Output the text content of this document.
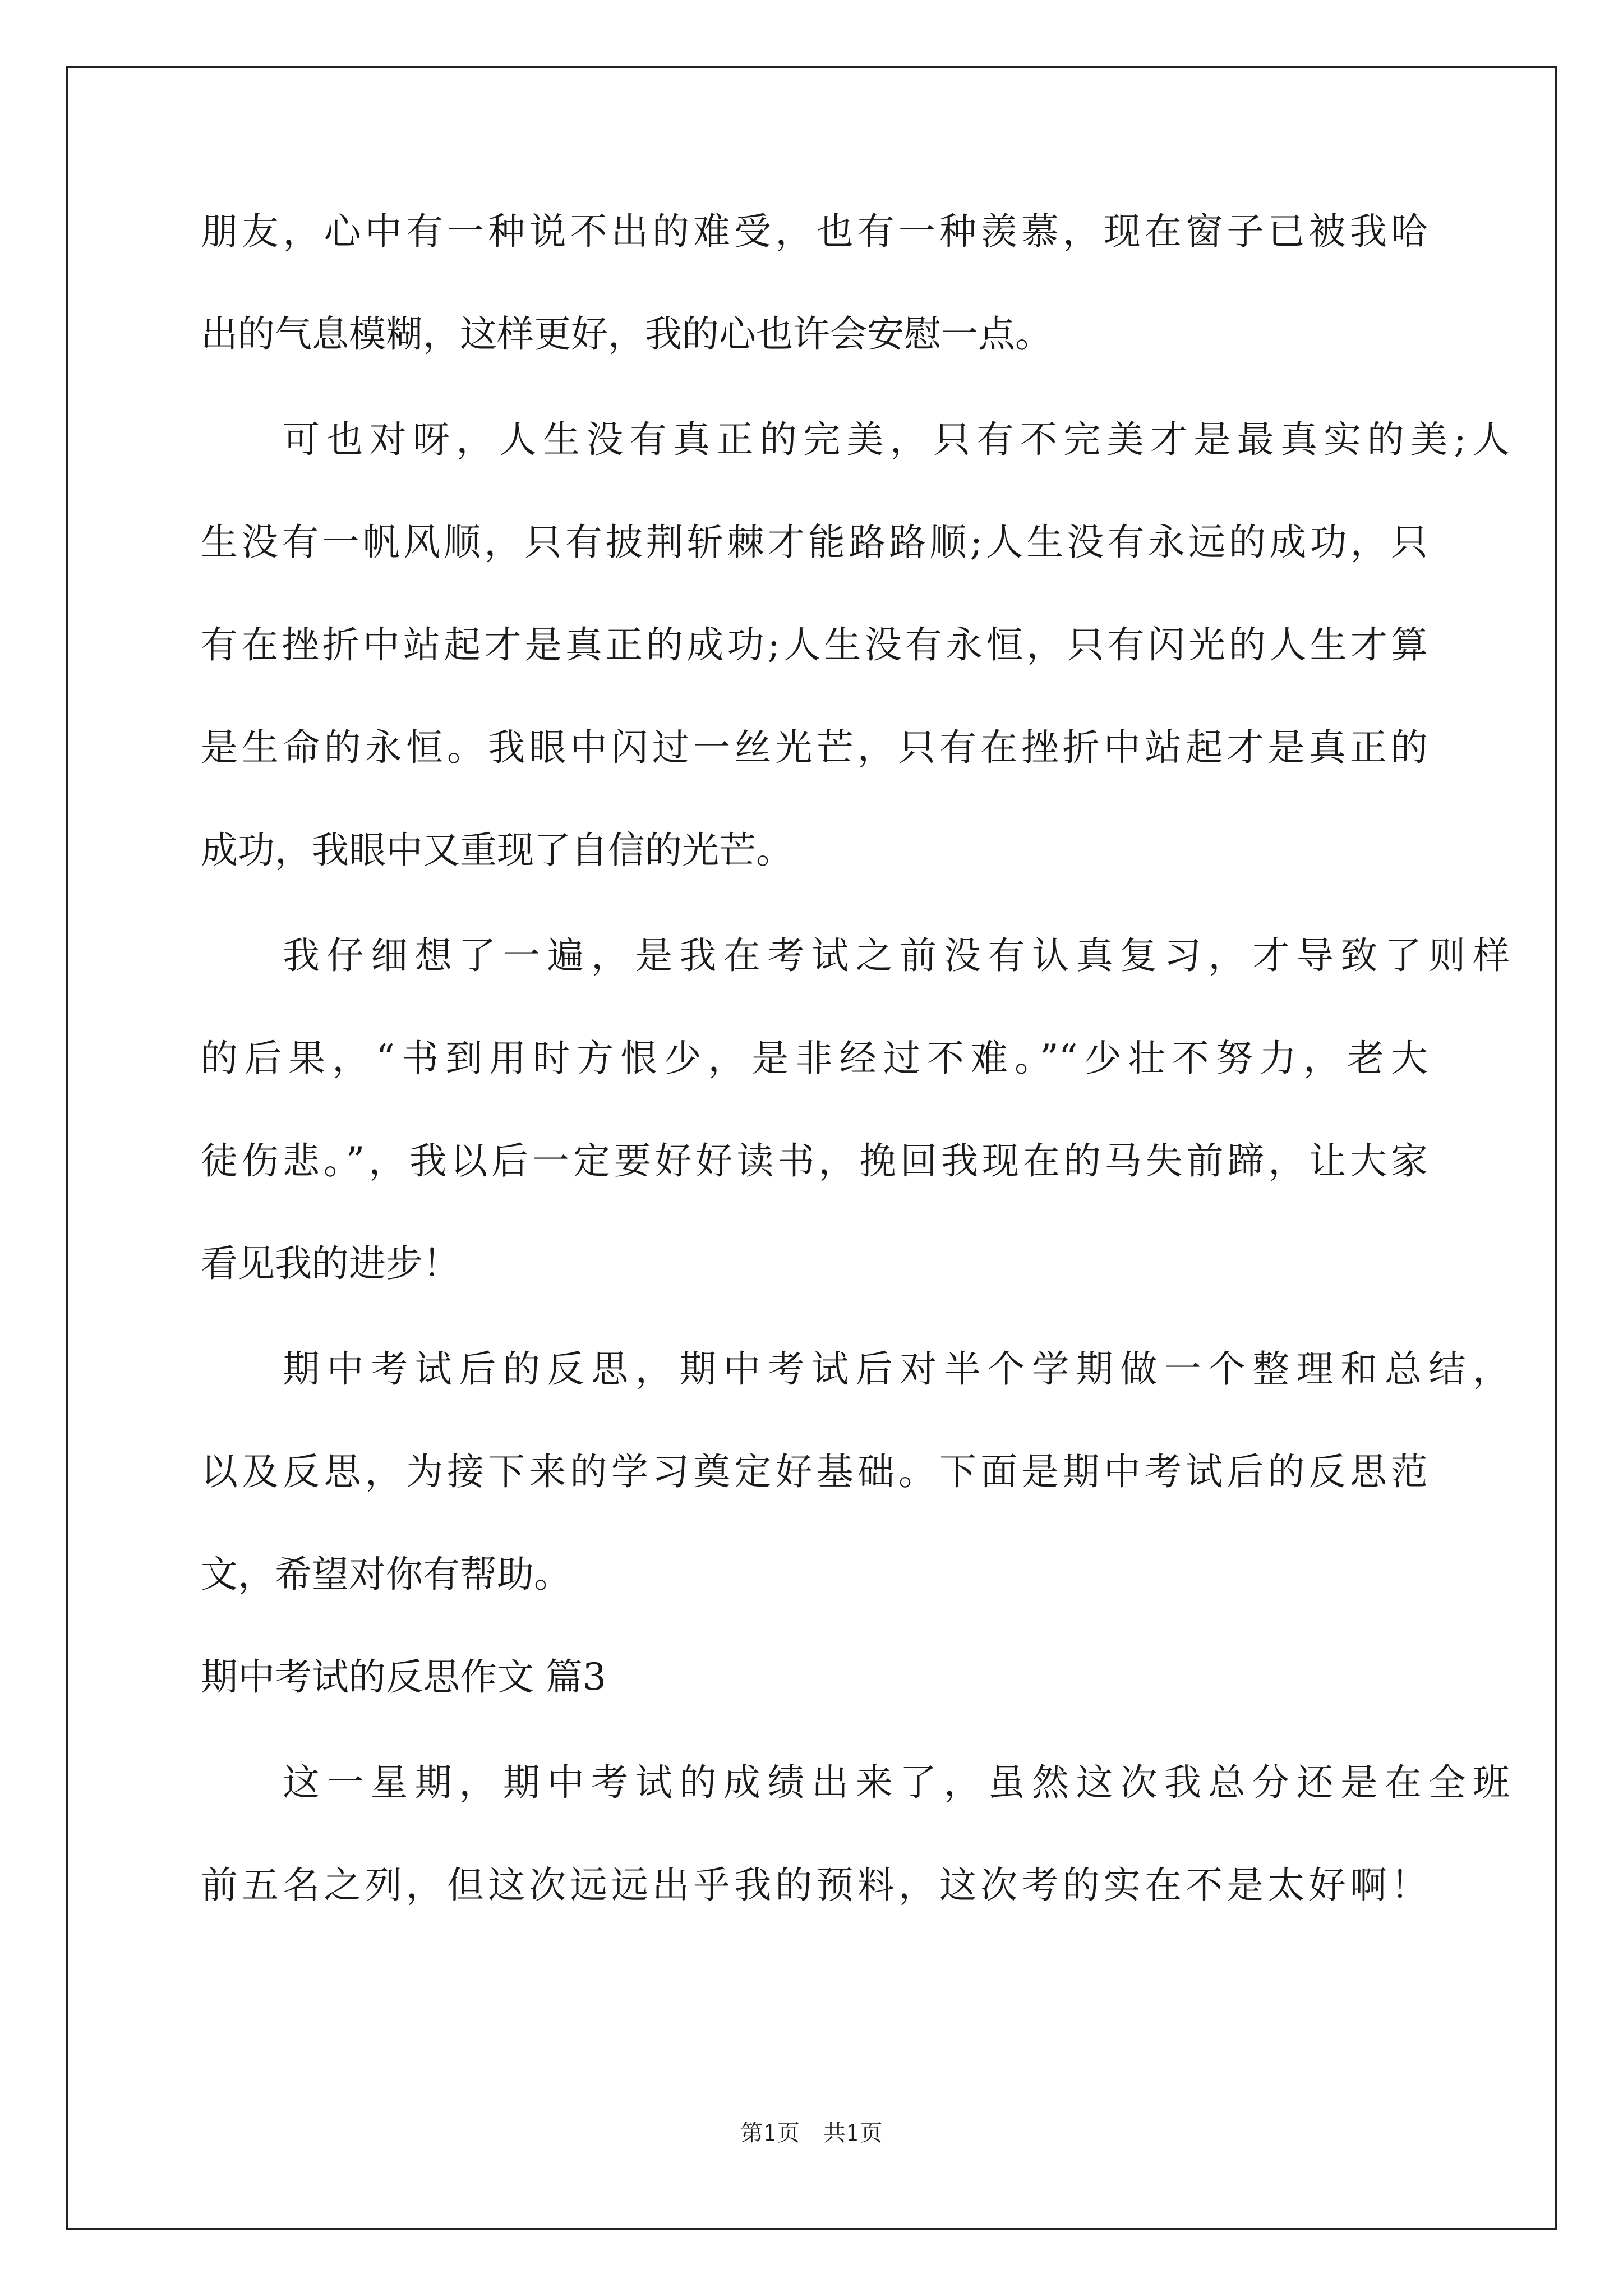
朋友，心中有一种说不出的难受，也有一种羡慕，现在窗子已被我哈

出的气息模糊，这样更好，我的心也许会安慰一点。

可也对呀，人生没有真正的完美，只有不完美才是最真实的美;人

生没有一帆风顺，只有披荆斩棘才能路路顺;人生没有永远的成功，只

有在挫折中站起才是真正的成功;人生没有永恒，只有闪光的人生才算

是生命的永恒。我眼中闪过一丝光芒，只有在挫折中站起才是真正的

成功，我眼中又重现了自信的光芒。

我仔细想了一遍，是我在考试之前没有认真复习，才导致了则样

的后果，“书到用时方恨少，是非经过不难。”“少壮不努力，老大

徒伤悲。”，我以后一定要好好读书，挽回我现在的马失前蹄，让大家

看见我的进步！

期中考试后的反思，期中考试后对半个学期做一个整理和总结，

以及反思，为接下来的学习奠定好基础。下面是期中考试后的反思范

文，希望对你有帮助。

期中考试的反思作文 篇3

这一星期，期中考试的成绩出来了，虽然这次我总分还是在全班

前五名之列，但这次远远出乎我的预料，这次考的实在不是太好啊！

第1页 共1页
